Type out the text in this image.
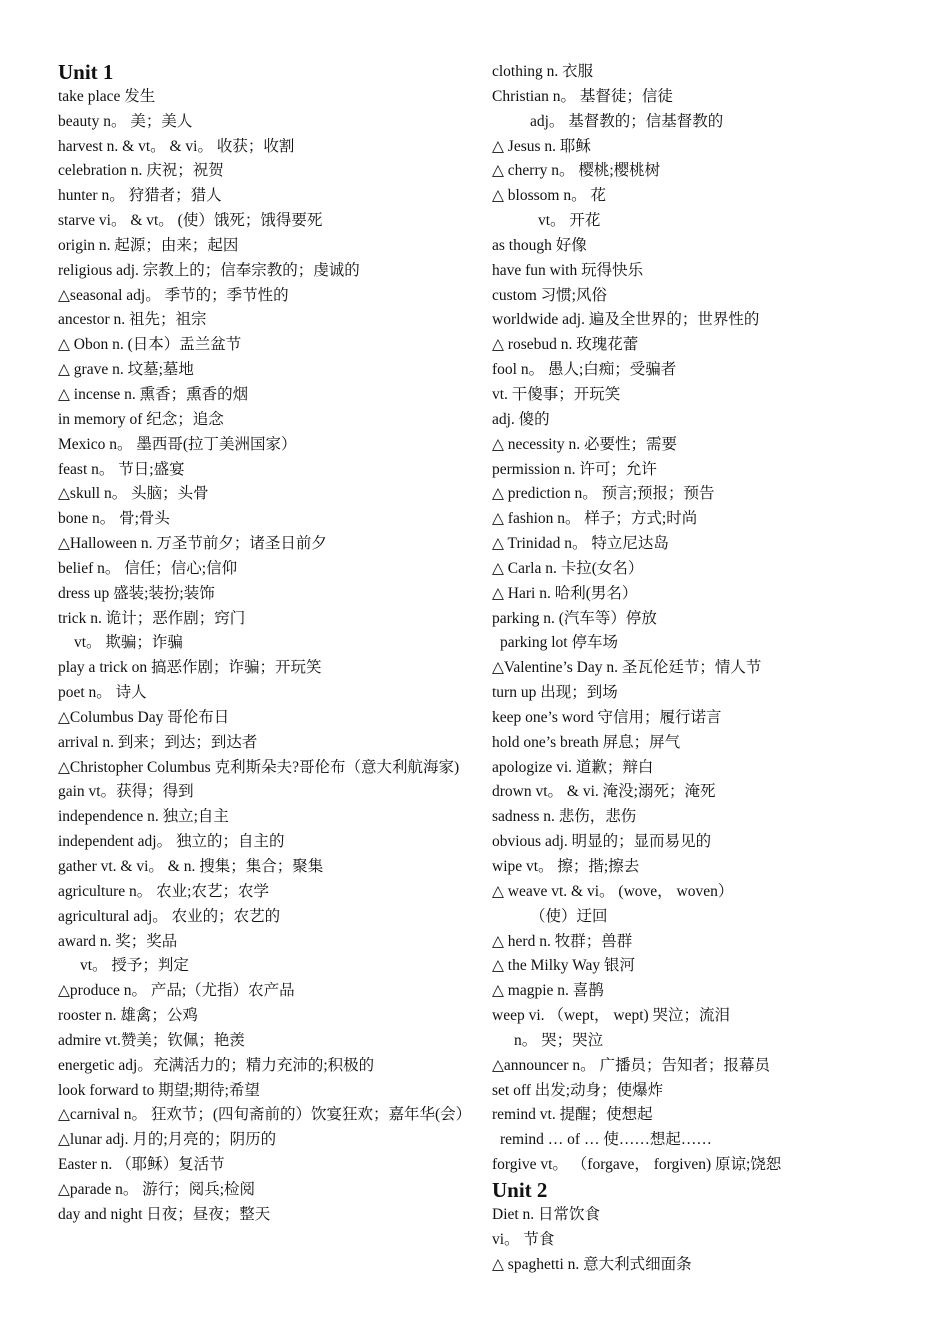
Unit 1
take place 发生
beauty n。 美；美人
harvest n. & vt。 & vi。 收获；收割
celebration n. 庆祝；祝贺
hunter n。 狩猎者；猎人
starve vi。 & vt。 (使）饿死；饿得要死
origin n. 起源；由来；起因
religious adj. 宗教上的；信奉宗教的；虔诚的
△seasonal adj。 季节的；季节性的
ancestor n. 祖先；祖宗
△ Obon n. (日本）盂兰盆节
△ grave n. 坟墓;墓地
△ incense n. 熏香；熏香的烟
in memory of 纪念；追念
Mexico n。 墨西哥(拉丁美洲国家）
feast n。 节日;盛宴
△skull n。 头脑；头骨
bone n。 骨;骨头
△Halloween n. 万圣节前夕；诸圣日前夕
belief n。 信任；信心;信仰
dress up 盛装;装扮;装饰
trick n. 诡计；恶作剧；窍门
vt。 欺骗；诈骗
play a trick on 搞恶作剧；诈骗；开玩笑
poet n。 诗人
△Columbus Day 哥伦布日
arrival n. 到来；到达；到达者
△Christopher Columbus 克利斯朵夫?哥伦布（意大利航海家)
gain vt。获得；得到
independence n. 独立;自主
independent adj。 独立的；自主的
gather vt. & vi。 & n. 搜集；集合；聚集
agriculture n。 农业;农艺；农学
agricultural adj。 农业的；农艺的
award n. 奖；奖品
vt。 授予；判定
△produce n。 产品;（尤指）农产品
rooster n. 雄禽；公鸡
admire vt.赞美；钦佩；艳羡
energetic adj。充满活力的；精力充沛的;积极的
look forward to 期望;期待;希望
△carnival n。 狂欢节；(四旬斋前的）饮宴狂欢；嘉年华(会）
△lunar adj. 月的;月亮的；阴历的
Easter n. （耶稣）复活节
△parade n。 游行；阅兵;检阅
day and night 日夜；昼夜；整天
clothing n. 衣服
Christian n。 基督徒；信徒
adj。 基督教的；信基督教的
△ Jesus n. 耶稣
△ cherry n。 樱桃;樱桃树
△ blossom n。 花
vt。 开花
as though 好像
have fun with 玩得快乐
custom 习惯;风俗
worldwide adj. 遍及全世界的；世界性的
△ rosebud n. 玫瑰花蕾
fool n。 愚人;白痴；受骗者
vt. 干傻事；开玩笑
adj. 傻的
△ necessity n. 必要性；需要
permission n. 许可；允许
△ prediction n。 预言;预报；预告
△ fashion n。 样子；方式;时尚
△ Trinidad n。 特立尼达岛
△ Carla n. 卡拉(女名）
△ Hari n. 哈利(男名）
parking n. (汽车等）停放
parking lot 停车场
△Valentine’s Day n. 圣瓦伦廷节；情人节
turn up 出现；到场
keep one’s word 守信用；履行诺言
hold one’s breath 屏息；屏气
apologize vi. 道歉；辩白
drown vt。 & vi. 淹没;溺死；淹死
sadness n. 悲伤，悲伤
obvious adj. 明显的；显而易见的
wipe vt。 擦；揩;擦去
△ weave vt. & vi。 (wove， woven）
（使）迂回
△ herd n. 牧群；兽群
△ the Milky Way 银河
△ magpie n. 喜鹊
weep vi. （wept， wept) 哭泣；流泪
n。 哭；哭泣
△announcer n。 广播员；告知者；报幕员
set off 出发;动身；使爆炸
remind vt. 提醒；使想起
remind … of … 使……想起……
forgive vt。 （forgave， forgiven) 原谅;饶恕
Unit 2
Diet n. 日常饮食
vi。 节食
△ spaghetti n. 意大利式细面条
